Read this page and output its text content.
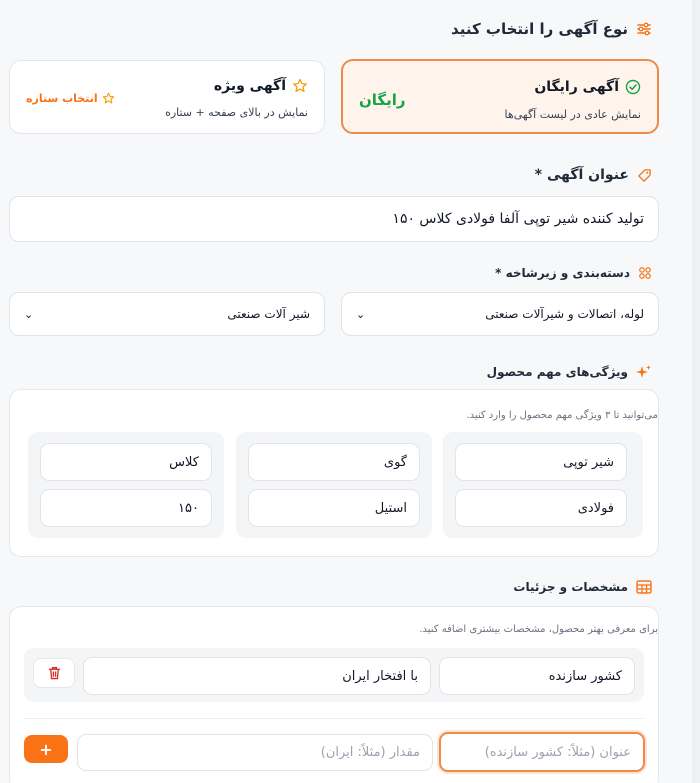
نوع آگهی را انتخاب کنید
آگهی رایگان
نمایش عادی در لیست آگهی‌ها
رایگان
آگهی ویژه
نمایش در بالای صفحه + ستاره
انتخاب ستاره
عنوان آگهی *
تولید کننده شیر توپی آلفا فولادی کلاس ۱۵۰
دسته‌بندی و زیرشاخه *
لوله، اتصالات و شیرآلات صنعتی
⌄
شیر آلات صنعتی
⌄
ویژگی‌های مهم محصول
می‌توانید تا ۳ ویژگی مهم محصول را وارد کنید.
شیر توپی
فولادی
گوی
استیل
کلاس
۱۵۰
مشخصات و جزئیات
برای معرفی بهتر محصول، مشخصات بیشتری اضافه کنید.
کشور سازنده
با افتخار ایران
عنوان (مثلاً: کشور سازنده)
مقدار (مثلاً: ایران)
+
